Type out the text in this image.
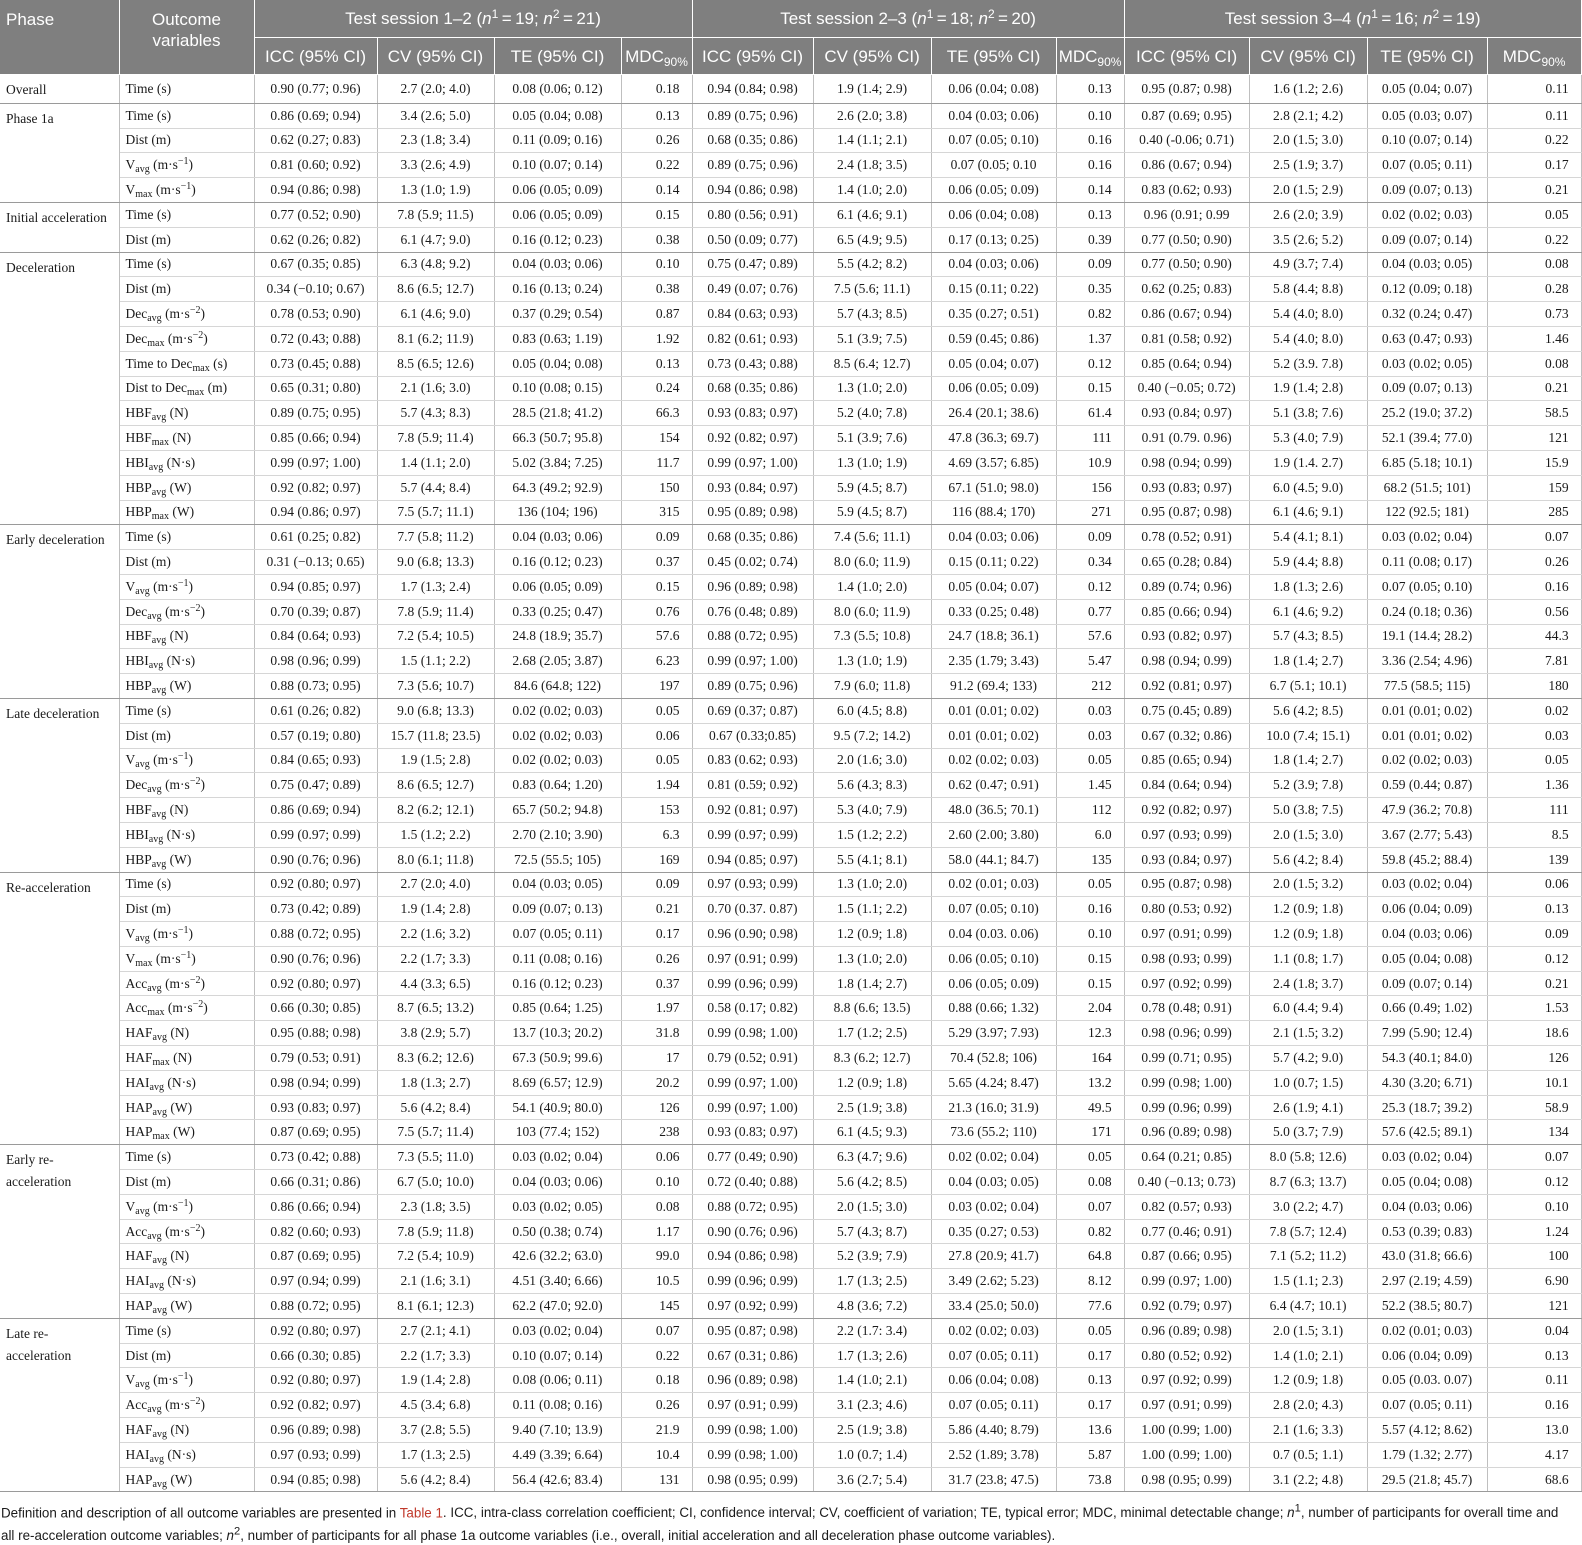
Phase	Outcome variables	Test session 1–2 ($n^1 = 19$; $n^2 = 21$)				Test session 2–3 ($n^1 = 18$; $n^2 = 20$)				Test session 3–4 ($n^1 = 16$; $n^2 = 19$)			
		ICC (95% CI)	CV (95% CI)	TE (95% CI)	$MDC_{90\%}$	ICC (95% CI)	CV (95% CI)	TE (95% CI)	$MDC_{90\%}$	ICC (95% CI)	CV (95% CI)	TE (95% CI)	$MDC_{90\%}$
Overall	Time (s)	0.90 (0.77; 0.96)	2.7 (2.0; 4.0)	0.08 (0.06; 0.12)	0.18	0.94 (0.84; 0.98)	1.9 (1.4; 2.9)	0.06 (0.04; 0.08)	0.13	0.95 (0.87; 0.98)	1.6 (1.2; 2.6)	0.05 (0.04; 0.07)	0.11
Phase 1a	Time (s)	0.86 (0.69; 0.94)	3.4 (2.6; 5.0)	0.05 (0.04; 0.08)	0.13	0.89 (0.75; 0.96)	2.6 (2.0; 3.8)	0.04 (0.03; 0.06)	0.10	0.87 (0.69; 0.95)	2.8 (2.1; 4.2)	0.05 (0.03; 0.07)	0.11
	Dist (m)	0.62 (0.27; 0.83)	2.3 (1.8; 3.4)	0.11 (0.09; 0.16)	0.26	0.68 (0.35; 0.86)	1.4 (1.1; 2.1)	0.07 (0.05; 0.10)	0.16	0.40 (-0.06; 0.71)	2.0 (1.5; 3.0)	0.10 (0.07; 0.14)	0.22
	$V_{avg}$ $(m\cdot s^{-1})$	0.81 (0.60; 0.92)	3.3 (2.6; 4.9)	0.10 (0.07; 0.14)	0.22	0.89 (0.75; 0.96)	2.4 (1.8; 3.5)	0.07 (0.05; 0.10	0.16	0.86 (0.67; 0.94)	2.5 (1.9; 3.7)	0.07 (0.05; 0.11)	0.17
	$V_{max}$ $(m\cdot s^{-1})$	0.94 (0.86; 0.98)	1.3 (1.0; 1.9)	0.06 (0.05; 0.09)	0.14	0.94 (0.86; 0.98)	1.4 (1.0; 2.0)	0.06 (0.05; 0.09)	0.14	0.83 (0.62; 0.93)	2.0 (1.5; 2.9)	0.09 (0.07; 0.13)	0.21
Initial acceleration	Time (s)	0.77 (0.52; 0.90)	7.8 (5.9; 11.5)	0.06 (0.05; 0.09)	0.15	0.80 (0.56; 0.91)	6.1 (4.6; 9.1)	0.06 (0.04; 0.08)	0.13	0.96 (0.91; 0.99	2.6 (2.0; 3.9)	0.02 (0.02; 0.03)	0.05
	Dist (m)	0.62 (0.26; 0.82)	6.1 (4.7; 9.0)	0.16 (0.12; 0.23)	0.38	0.50 (0.09; 0.77)	6.5 (4.9; 9.5)	0.17 (0.13; 0.25)	0.39	0.77 (0.50; 0.90)	3.5 (2.6; 5.2)	0.09 (0.07; 0.14)	0.22
Deceleration	Time (s)	0.67 (0.35; 0.85)	6.3 (4.8; 9.2)	0.04 (0.03; 0.06)	0.10	0.75 (0.47; 0.89)	5.5 (4.2; 8.2)	0.04 (0.03; 0.06)	0.09	0.77 (0.50; 0.90)	4.9 (3.7; 7.4)	0.04 (0.03; 0.05)	0.08
	Dist (m)	0.34 (−0.10; 0.67)	8.6 (6.5; 12.7)	0.16 (0.13; 0.24)	0.38	0.49 (0.07; 0.76)	7.5 (5.6; 11.1)	0.15 (0.11; 0.22)	0.35	0.62 (0.25; 0.83)	5.8 (4.4; 8.8)	0.12 (0.09; 0.18)	0.28
	Dec$_{avg}$ $(m\cdot s^{-2})$	0.78 (0.53; 0.90)	6.1 (4.6; 9.0)	0.37 (0.29; 0.54)	0.87	0.84 (0.63; 0.93)	5.7 (4.3; 8.5)	0.35 (0.27; 0.51)	0.82	0.86 (0.67; 0.94)	5.4 (4.0; 8.0)	0.32 (0.24; 0.47)	0.73
	Dec$_{max}$ $(m\cdot s^{-2})$	0.72 (0.43; 0.88)	8.1 (6.2; 11.9)	0.83 (0.63; 1.19)	1.92	0.82 (0.61; 0.93)	5.1 (3.9; 7.5)	0.59 (0.45; 0.86)	1.37	0.81 (0.58; 0.92)	5.4 (4.0; 8.0)	0.63 (0.47; 0.93)	1.46
	Time to Dec$_{max}$ (s)	0.73 (0.45; 0.88)	8.5 (6.5; 12.6)	0.05 (0.04; 0.08)	0.13	0.73 (0.43; 0.88)	8.5 (6.4; 12.7)	0.05 (0.04; 0.07)	0.12	0.85 (0.64; 0.94)	5.2 (3.9. 7.8)	0.03 (0.02; 0.05)	0.08
	Dist to Dec$_{max}$ (m)	0.65 (0.31; 0.80)	2.1 (1.6; 3.0)	0.10 (0.08; 0.15)	0.24	0.68 (0.35; 0.86)	1.3 (1.0; 2.0)	0.06 (0.05; 0.09)	0.15	0.40 (−0.05; 0.72)	1.9 (1.4; 2.8)	0.09 (0.07; 0.13)	0.21
	$HBF_{avg}$ (N)	0.89 (0.75; 0.95)	5.7 (4.3; 8.3)	28.5 (21.8; 41.2)	66.3	0.93 (0.83; 0.97)	5.2 (4.0; 7.8)	26.4 (20.1; 38.6)	61.4	0.93 (0.84; 0.97)	5.1 (3.8; 7.6)	25.2 (19.0; 37.2)	58.5
	$HBF_{max}$ (N)	0.85 (0.66; 0.94)	7.8 (5.9; 11.4)	66.3 (50.7; 95.8)	154	0.92 (0.82; 0.97)	5.1 (3.9; 7.6)	47.8 (36.3; 69.7)	111	0.91 (0.79. 0.96)	5.3 (4.0; 7.9)	52.1 (39.4; 77.0)	121
	$HBI_{avg}$ (N·s)	0.99 (0.97; 1.00)	1.4 (1.1; 2.0)	5.02 (3.84; 7.25)	11.7	0.99 (0.97; 1.00)	1.3 (1.0; 1.9)	4.69 (3.57; 6.85)	10.9	0.98 (0.94; 0.99)	1.9 (1.4. 2.7)	6.85 (5.18; 10.1)	15.9
	$HBP_{avg}$ (W)	0.92 (0.82; 0.97)	5.7 (4.4; 8.4)	64.3 (49.2; 92.9)	150	0.93 (0.84; 0.97)	5.9 (4.5; 8.7)	67.1 (51.0; 98.0)	156	0.93 (0.83; 0.97)	6.0 (4.5; 9.0)	68.2 (51.5; 101)	159
	$HBP_{max}$ (W)	0.94 (0.86; 0.97)	7.5 (5.7; 11.1)	136 (104; 196)	315	0.95 (0.89; 0.98)	5.9 (4.5; 8.7)	116 (88.4; 170)	271	0.95 (0.87; 0.98)	6.1 (4.6; 9.1)	122 (92.5; 181)	285
Early deceleration	Time (s)	0.61 (0.25; 0.82)	7.7 (5.8; 11.2)	0.04 (0.03; 0.06)	0.09	0.68 (0.35; 0.86)	7.4 (5.6; 11.1)	0.04 (0.03; 0.06)	0.09	0.78 (0.52; 0.91)	5.4 (4.1; 8.1)	0.03 (0.02; 0.04)	0.07
	Dist (m)	0.31 (−0.13; 0.65)	9.0 (6.8; 13.3)	0.16 (0.12; 0.23)	0.37	0.45 (0.02; 0.74)	8.0 (6.0; 11.9)	0.15 (0.11; 0.22)	0.34	0.65 (0.28; 0.84)	5.9 (4.4; 8.8)	0.11 (0.08; 0.17)	0.26
	$V_{avg}$ $(m\cdot s^{-1})$	0.94 (0.85; 0.97)	1.7 (1.3; 2.4)	0.06 (0.05; 0.09)	0.15	0.96 (0.89; 0.98)	1.4 (1.0; 2.0)	0.05 (0.04; 0.07)	0.12	0.89 (0.74; 0.96)	1.8 (1.3; 2.6)	0.07 (0.05; 0.10)	0.16
	Dec$_{avg}$ $(m\cdot s^{-2})$	0.70 (0.39; 0.87)	7.8 (5.9; 11.4)	0.33 (0.25; 0.47)	0.76	0.76 (0.48; 0.89)	8.0 (6.0; 11.9)	0.33 (0.25; 0.48)	0.77	0.85 (0.66; 0.94)	6.1 (4.6; 9.2)	0.24 (0.18; 0.36)	0.56
	$HBF_{avg}$ (N)	0.84 (0.64; 0.93)	7.2 (5.4; 10.5)	24.8 (18.9; 35.7)	57.6	0.88 (0.72; 0.95)	7.3 (5.5; 10.8)	24.7 (18.8; 36.1)	57.6	0.93 (0.82; 0.97)	5.7 (4.3; 8.5)	19.1 (14.4; 28.2)	44.3
	$HBI_{avg}$ (N·s)	0.98 (0.96; 0.99)	1.5 (1.1; 2.2)	2.68 (2.05; 3.87)	6.23	0.99 (0.97; 1.00)	1.3 (1.0; 1.9)	2.35 (1.79; 3.43)	5.47	0.98 (0.94; 0.99)	1.8 (1.4; 2.7)	3.36 (2.54; 4.96)	7.81
	$HBP_{avg}$ (W)	0.88 (0.73; 0.95)	7.3 (5.6; 10.7)	84.6 (64.8; 122)	197	0.89 (0.75; 0.96)	7.9 (6.0; 11.8)	91.2 (69.4; 133)	212	0.92 (0.81; 0.97)	6.7 (5.1; 10.1)	77.5 (58.5; 115)	180
Late deceleration	Time (s)	0.61 (0.26; 0.82)	9.0 (6.8; 13.3)	0.02 (0.02; 0.03)	0.05	0.69 (0.37; 0.87)	6.0 (4.5; 8.8)	0.01 (0.01; 0.02)	0.03	0.75 (0.45; 0.89)	5.6 (4.2; 8.5)	0.01 (0.01; 0.02)	0.02
	Dist (m)	0.57 (0.19; 0.80)	15.7 (11.8; 23.5)	0.02 (0.02; 0.03)	0.06	0.67 (0.33;0.85)	9.5 (7.2; 14.2)	0.01 (0.01; 0.02)	0.03	0.67 (0.32; 0.86)	10.0 (7.4; 15.1)	0.01 (0.01; 0.02)	0.03
	$V_{avg}$ $(m\cdot s^{-1})$	0.84 (0.65; 0.93)	1.9 (1.5; 2.8)	0.02 (0.02; 0.03)	0.05	0.83 (0.62; 0.93)	2.0 (1.6; 3.0)	0.02 (0.02; 0.03)	0.05	0.85 (0.65; 0.94)	1.8 (1.4; 2.7)	0.02 (0.02; 0.03)	0.05
	Dec$_{avg}$ $(m\cdot s^{-2})$	0.75 (0.47; 0.89)	8.6 (6.5; 12.7)	0.83 (0.64; 1.20)	1.94	0.81 (0.59; 0.92)	5.6 (4.3; 8.3)	0.62 (0.47; 0.91)	1.45	0.84 (0.64; 0.94)	5.2 (3.9; 7.8)	0.59 (0.44; 0.87)	1.36
	$HBF_{avg}$ (N)	0.86 (0.69; 0.94)	8.2 (6.2; 12.1)	65.7 (50.2; 94.8)	153	0.92 (0.81; 0.97)	5.3 (4.0; 7.9)	48.0 (36.5; 70.1)	112	0.92 (0.82; 0.97)	5.0 (3.8; 7.5)	47.9 (36.2; 70.8)	111
	$HBI_{avg}$ (N·s)	0.99 (0.97; 0.99)	1.5 (1.2; 2.2)	2.70 (2.10; 3.90)	6.3	0.99 (0.97; 0.99)	1.5 (1.2; 2.2)	2.60 (2.00; 3.80)	6.0	0.97 (0.93; 0.99)	2.0 (1.5; 3.0)	3.67 (2.77; 5.43)	8.5
	$HBP_{avg}$ (W)	0.90 (0.76; 0.96)	8.0 (6.1; 11.8)	72.5 (55.5; 105)	169	0.94 (0.85; 0.97)	5.5 (4.1; 8.1)	58.0 (44.1; 84.7)	135	0.93 (0.84; 0.97)	5.6 (4.2; 8.4)	59.8 (45.2; 88.4)	139
Re-acceleration	Time (s)	0.92 (0.80; 0.97)	2.7 (2.0; 4.0)	0.04 (0.03; 0.05)	0.09	0.97 (0.93; 0.99)	1.3 (1.0; 2.0)	0.02 (0.01; 0.03)	0.05	0.95 (0.87; 0.98)	2.0 (1.5; 3.2)	0.03 (0.02; 0.04)	0.06
	Dist (m)	0.73 (0.42; 0.89)	1.9 (1.4; 2.8)	0.09 (0.07; 0.13)	0.21	0.70 (0.37. 0.87)	1.5 (1.1; 2.2)	0.07 (0.05; 0.10)	0.16	0.80 (0.53; 0.92)	1.2 (0.9; 1.8)	0.06 (0.04; 0.09)	0.13
	$V_{avg}$ $(m\cdot s^{-1})$	0.88 (0.72; 0.95)	2.2 (1.6; 3.2)	0.07 (0.05; 0.11)	0.17	0.96 (0.90; 0.98)	1.2 (0.9; 1.8)	0.04 (0.03. 0.06)	0.10	0.97 (0.91; 0.99)	1.2 (0.9; 1.8)	0.04 (0.03; 0.06)	0.09
	$V_{max}$ $(m\cdot s^{-1})$	0.90 (0.76; 0.96)	2.2 (1.7; 3.3)	0.11 (0.08; 0.16)	0.26	0.97 (0.91; 0.99)	1.3 (1.0; 2.0)	0.06 (0.05; 0.10)	0.15	0.98 (0.93; 0.99)	1.1 (0.8; 1.7)	0.05 (0.04; 0.08)	0.12
	Acc$_{avg}$ $(m\cdot s^{-2})$	0.92 (0.80; 0.97)	4.4 (3.3; 6.5)	0.16 (0.12; 0.23)	0.37	0.99 (0.96; 0.99)	1.8 (1.4; 2.7)	0.06 (0.05; 0.09)	0.15	0.97 (0.92; 0.99)	2.4 (1.8; 3.7)	0.09 (0.07; 0.14)	0.21
	Acc$_{max}$ $(m\cdot s^{-2})$	0.66 (0.30; 0.85)	8.7 (6.5; 13.2)	0.85 (0.64; 1.25)	1.97	0.58 (0.17; 0.82)	8.8 (6.6; 13.5)	0.88 (0.66; 1.32)	2.04	0.78 (0.48; 0.91)	6.0 (4.4; 9.4)	0.66 (0.49; 1.02)	1.53
	$HAF_{avg}$ (N)	0.95 (0.88; 0.98)	3.8 (2.9; 5.7)	13.7 (10.3; 20.2)	31.8	0.99 (0.98; 1.00)	1.7 (1.2; 2.5)	5.29 (3.97; 7.93)	12.3	0.98 (0.96; 0.99)	2.1 (1.5; 3.2)	7.99 (5.90; 12.4)	18.6
	$HAF_{max}$ (N)	0.79 (0.53; 0.91)	8.3 (6.2; 12.6)	67.3 (50.9; 99.6)	17	0.79 (0.52; 0.91)	8.3 (6.2; 12.7)	70.4 (52.8; 106)	164	0.99 (0.71; 0.95)	5.7 (4.2; 9.0)	54.3 (40.1; 84.0)	126
	$HAI_{avg}$ (N·s)	0.98 (0.94; 0.99)	1.8 (1.3; 2.7)	8.69 (6.57; 12.9)	20.2	0.99 (0.97; 1.00)	1.2 (0.9; 1.8)	5.65 (4.24; 8.47)	13.2	0.99 (0.98; 1.00)	1.0 (0.7; 1.5)	4.30 (3.20; 6.71)	10.1
	$HAP_{avg}$ (W)	0.93 (0.83; 0.97)	5.6 (4.2; 8.4)	54.1 (40.9; 80.0)	126	0.99 (0.97; 1.00)	2.5 (1.9; 3.8)	21.3 (16.0; 31.9)	49.5	0.99 (0.96; 0.99)	2.6 (1.9; 4.1)	25.3 (18.7; 39.2)	58.9
	$HAP_{max}$ (W)	0.87 (0.69; 0.95)	7.5 (5.7; 11.4)	103 (77.4; 152)	238	0.93 (0.83; 0.97)	6.1 (4.5; 9.3)	73.6 (55.2; 110)	171	0.96 (0.89; 0.98)	5.0 (3.7; 7.9)	57.6 (42.5; 89.1)	134
Early re-acceleration	Time (s)	0.73 (0.42; 0.88)	7.3 (5.5; 11.0)	0.03 (0.02; 0.04)	0.06	0.77 (0.49; 0.90)	6.3 (4.7; 9.6)	0.02 (0.02; 0.04)	0.05	0.64 (0.21; 0.85)	8.0 (5.8; 12.6)	0.03 (0.02; 0.04)	0.07
	Dist (m)	0.66 (0.31; 0.86)	6.7 (5.0; 10.0)	0.04 (0.03; 0.06)	0.10	0.72 (0.40; 0.88)	5.6 (4.2; 8.5)	0.04 (0.03; 0.05)	0.08	0.40 (−0.13; 0.73)	8.7 (6.3; 13.7)	0.05 (0.04; 0.08)	0.12
	$V_{avg}$ $(m\cdot s^{-1})$	0.86 (0.66; 0.94)	2.3 (1.8; 3.5)	0.03 (0.02; 0.05)	0.08	0.88 (0.72; 0.95)	2.0 (1.5; 3.0)	0.03 (0.02; 0.04)	0.07	0.82 (0.57; 0.93)	3.0 (2.2; 4.7)	0.04 (0.03; 0.06)	0.10
	Acc$_{avg}$ $(m\cdot s^{-2})$	0.82 (0.60; 0.93)	7.8 (5.9; 11.8)	0.50 (0.38; 0.74)	1.17	0.90 (0.76; 0.96)	5.7 (4.3; 8.7)	0.35 (0.27; 0.53)	0.82	0.77 (0.46; 0.91)	7.8 (5.7; 12.4)	0.53 (0.39; 0.83)	1.24
	$HAF_{avg}$ (N)	0.87 (0.69; 0.95)	7.2 (5.4; 10.9)	42.6 (32.2; 63.0)	99.0	0.94 (0.86; 0.98)	5.2 (3.9; 7.9)	27.8 (20.9; 41.7)	64.8	0.87 (0.66; 0.95)	7.1 (5.2; 11.2)	43.0 (31.8; 66.6)	100
	$HAI_{avg}$ (N·s)	0.97 (0.94; 0.99)	2.1 (1.6; 3.1)	4.51 (3.40; 6.66)	10.5	0.99 (0.96; 0.99)	1.7 (1.3; 2.5)	3.49 (2.62; 5.23)	8.12	0.99 (0.97; 1.00)	1.5 (1.1; 2.3)	2.97 (2.19; 4.59)	6.90
	$HAP_{avg}$ (W)	0.88 (0.72; 0.95)	8.1 (6.1; 12.3)	62.2 (47.0; 92.0)	145	0.97 (0.92; 0.99)	4.8 (3.6; 7.2)	33.4 (25.0; 50.0)	77.6	0.92 (0.79; 0.97)	6.4 (4.7; 10.1)	52.2 (38.5; 80.7)	121
Late re-acceleration	Time (s)	0.92 (0.80; 0.97)	2.7 (2.1; 4.1)	0.03 (0.02; 0.04)	0.07	0.95 (0.87; 0.98)	2.2 (1.7: 3.4)	0.02 (0.02; 0.03)	0.05	0.96 (0.89; 0.98)	2.0 (1.5; 3.1)	0.02 (0.01; 0.03)	0.04
	Dist (m)	0.66 (0.30; 0.85)	2.2 (1.7; 3.3)	0.10 (0.07; 0.14)	0.22	0.67 (0.31; 0.86)	1.7 (1.3; 2.6)	0.07 (0.05; 0.11)	0.17	0.80 (0.52; 0.92)	1.4 (1.0; 2.1)	0.06 (0.04; 0.09)	0.13
	$V_{avg}$ $(m\cdot s^{-1})$	0.92 (0.80; 0.97)	1.9 (1.4; 2.8)	0.08 (0.06; 0.11)	0.18	0.96 (0.89; 0.98)	1.4 (1.0; 2.1)	0.06 (0.04; 0.08)	0.13	0.97 (0.92; 0.99)	1.2 (0.9; 1.8)	0.05 (0.03. 0.07)	0.11
	Acc$_{avg}$ $(m\cdot s^{-2})$	0.92 (0.82; 0.97)	4.5 (3.4; 6.8)	0.11 (0.08; 0.16)	0.26	0.97 (0.91; 0.99)	3.1 (2.3; 4.6)	0.07 (0.05; 0.11)	0.17	0.97 (0.91; 0.99)	2.8 (2.0; 4.3)	0.07 (0.05; 0.11)	0.16
	$HAF_{avg}$ (N)	0.96 (0.89; 0.98)	3.7 (2.8; 5.5)	9.40 (7.10; 13.9)	21.9	0.99 (0.98; 1.00)	2.5 (1.9; 3.8)	5.86 (4.40; 8.79)	13.6	1.00 (0.99; 1.00)	2.1 (1.6; 3.3)	5.57 (4.12; 8.62)	13.0
	$HAI_{avg}$ (N·s)	0.97 (0.93; 0.99)	1.7 (1.3; 2.5)	4.49 (3.39; 6.64)	10.4	0.99 (0.98; 1.00)	1.0 (0.7; 1.4)	2.52 (1.89; 3.78)	5.87	1.00 (0.99; 1.00)	0.7 (0.5; 1.1)	1.79 (1.32; 2.77)	4.17
	$HAP_{avg}$ (W)	0.94 (0.85; 0.98)	5.6 (4.2; 8.4)	56.4 (42.6; 83.4)	131	0.98 (0.95; 0.99)	3.6 (2.7; 5.4)	31.7 (23.8; 47.5)	73.8	0.98 (0.95; 0.99)	3.1 (2.2; 4.8)	29.5 (21.8; 45.7)	68.6
Definition and description of all outcome variables are presented in Table 1. ICC, intra-class correlation coefficient; CI, confidence interval; CV, coefficient of variation; TE, typical error; MDC, minimal detectable change; $n^1$, number of participants for overall time and all re-acceleration outcome variables; $n^2$, number of participants for all phase 1a outcome variables (i.e., overall, initial acceleration and all deceleration phase outcome variables).
